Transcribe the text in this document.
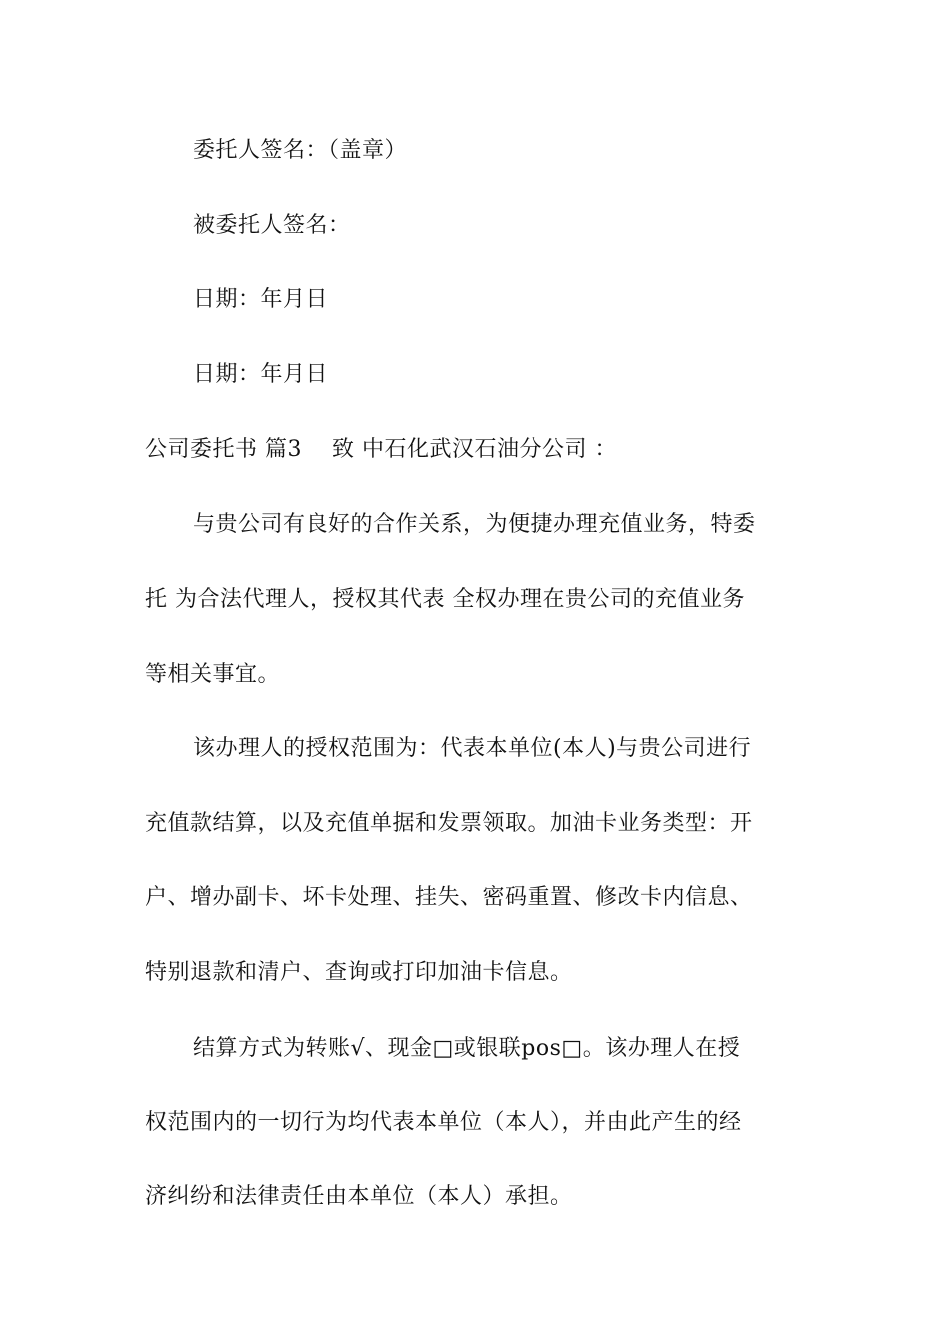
委托人签名：（盖章）
被委托人签名：
日期：年月日
日期：年月日
公司委托书 篇3    致 中石化武汉石油分公司 ：
与贵公司有良好的合作关系，为便捷办理充值业务，特委
托 为合法代理人，授权其代表 全权办理在贵公司的充值业务
等相关事宜。
该办理人的授权范围为：代表本单位(本人)与贵公司进行
充值款结算，以及充值单据和发票领取。加油卡业务类型：开
户、增办副卡、坏卡处理、挂失、密码重置、修改卡内信息、
特别退款和清户、查询或打印加油卡信息。
结算方式为转账√、现金□或银联pos□。该办理人在授
权范围内的一切行为均代表本单位（本人），并由此产生的经
济纠纷和法律责任由本单位（本人）承担。
